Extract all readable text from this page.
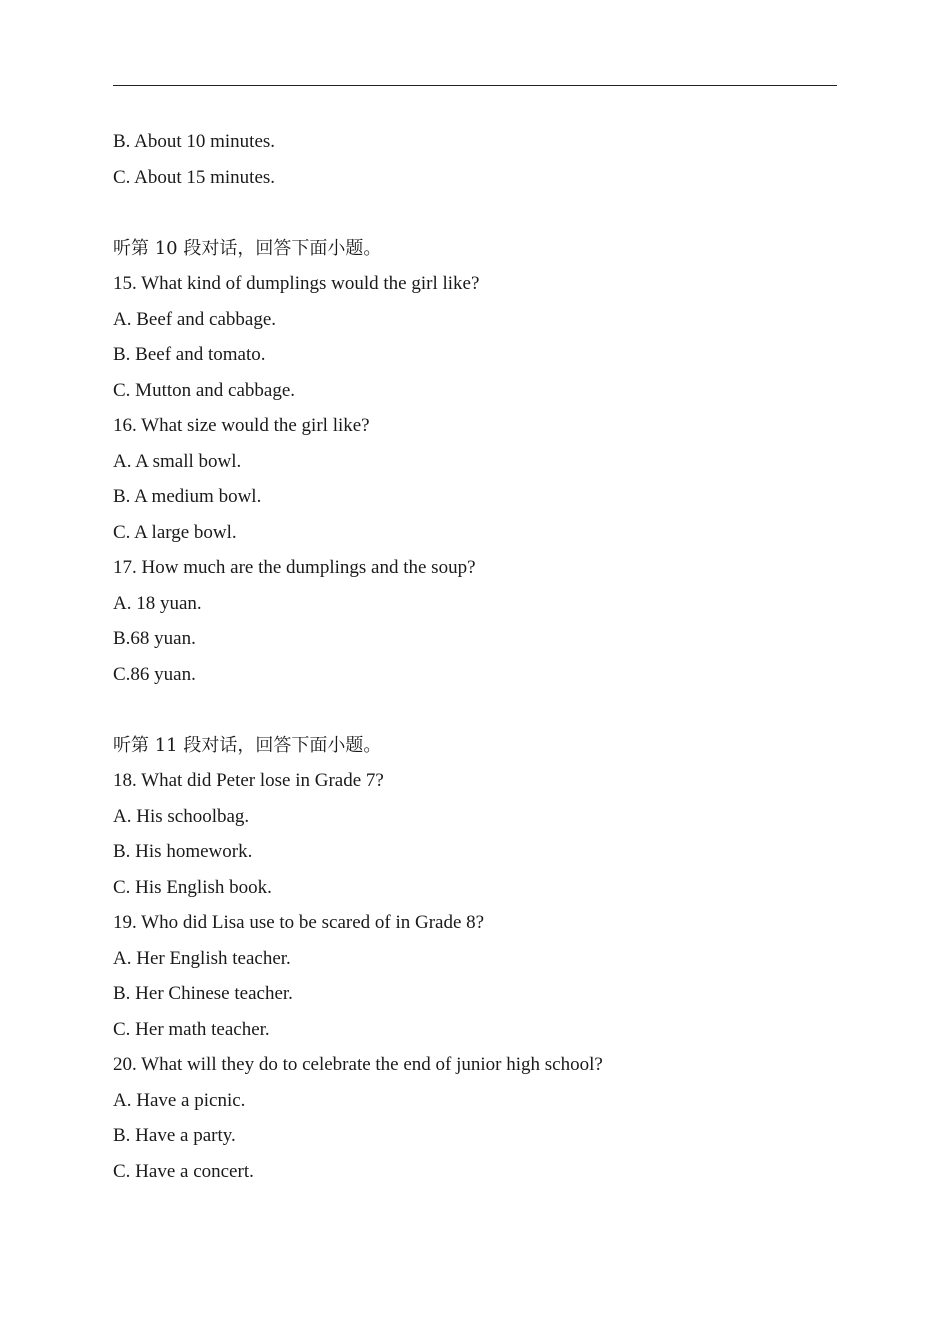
B. About 10 minutes.
C. About 15 minutes.
听第 10 段对话，回答下面小题。
15. What kind of dumplings would the girl like?
A. Beef and cabbage.
B. Beef and tomato.
C. Mutton and cabbage.
16. What size would the girl like?
A. A small bowl.
B. A medium bowl.
C. A large bowl.
17. How much are the dumplings and the soup?
A. 18 yuan.
B.68 yuan.
C.86 yuan.
听第 11 段对话，回答下面小题。
18. What did Peter lose in Grade 7?
A. His schoolbag.
B. His homework.
C. His English book.
19. Who did Lisa use to be scared of in Grade 8?
A. Her English teacher.
B. Her Chinese teacher.
C. Her math teacher.
20. What will they do to celebrate the end of junior high school?
A. Have a picnic.
B. Have a party.
C. Have a concert.
